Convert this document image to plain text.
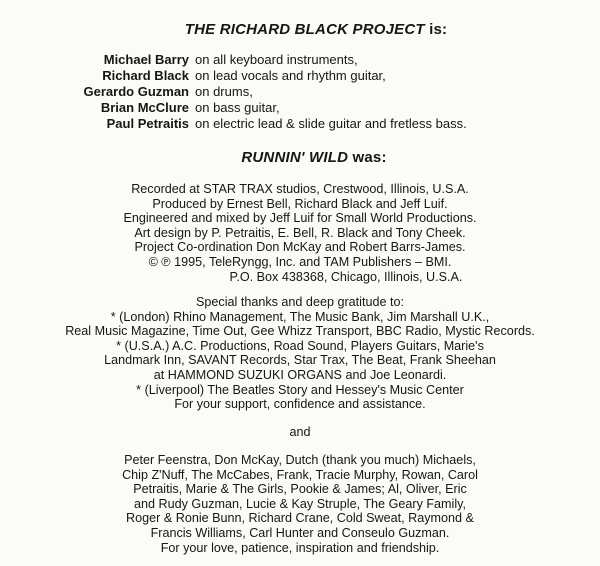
THE RICHARD BLACK PROJECT is:
Michael Barry on all keyboard instruments,
Richard Black on lead vocals and rhythm guitar,
Gerardo Guzman on drums,
Brian McClure on bass guitar,
Paul Petraitis on electric lead & slide guitar and fretless bass.
RUNNIN' WILD was:
Recorded at STAR TRAX studios, Crestwood, Illinois, U.S.A.
Produced by Ernest Bell, Richard Black and Jeff Luif.
Engineered and mixed by Jeff Luif for Small World Productions.
Art design by P. Petraitis, E. Bell, R. Black and Tony Cheek.
Project Co-ordination Don McKay and Robert Barrs-James.
© ℗ 1995, TeleRyngg, Inc. and TAM Publishers – BMI.
P.O. Box 438368, Chicago, Illinois, U.S.A.
Special thanks and deep gratitude to:
* (London) Rhino Management, The Music Bank, Jim Marshall U.K.,
Real Music Magazine, Time Out, Gee Whizz Transport, BBC Radio, Mystic Records.
* (U.S.A.) A.C. Productions, Road Sound, Players Guitars, Marie's
Landmark Inn, SAVANT Records, Star Trax, The Beat, Frank Sheehan
at HAMMOND SUZUKI ORGANS and Joe Leonardi.
* (Liverpool) The Beatles Story and Hessey's Music Center
For your support, confidence and assistance.
and
Peter Feenstra, Don McKay, Dutch (thank you much) Michaels,
Chip Z'Nuff, The McCabes, Frank, Tracie Murphy, Rowan, Carol
Petraitis, Marie & The Girls, Pookie & James; Al, Oliver, Eric
and Rudy Guzman, Lucie & Kay Struple, The Geary Family,
Roger & Ronie Bunn, Richard Crane, Cold Sweat, Raymond &
Francis Williams, Carl Hunter and Conseulo Guzman.
For your love, patience, inspiration and friendship.
